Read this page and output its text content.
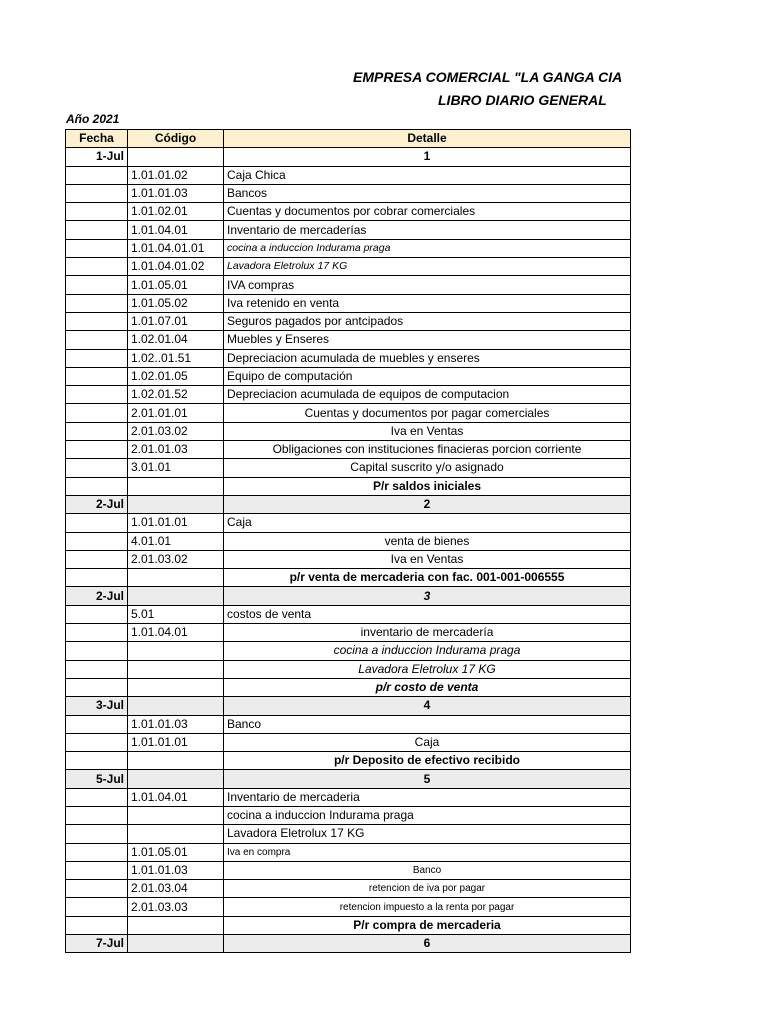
EMPRESA COMERCIAL "LA GANGA CIA
LIBRO DIARIO GENERAL
Año 2021
Fecha	Código	Detalle
1-Jul		1
	1.01.01.02	Caja Chica
	1.01.01.03	Bancos
	1.01.02.01	Cuentas y documentos por cobrar comerciales
	1.01.04.01	Inventario de mercaderías
	1.01.04.01.01	cocina a induccion Indurama praga
	1.01.04.01.02	Lavadora Eletrolux 17 KG
	1.01.05.01	IVA compras
	1.01.05.02	Iva retenido en venta
	1.01.07.01	Seguros pagados por antcipados
	1.02.01.04	Muebles y Enseres
	1.02..01.51	Depreciacion acumulada de muebles y enseres
	1.02.01.05	Equipo de computación
	1.02.01.52	Depreciacion acumulada de equipos de computacion
	2.01.01.01	Cuentas y documentos por pagar comerciales
	2.01.03.02	Iva en Ventas
	2.01.01.03	Obligaciones con instituciones finacieras porcion corriente
	3.01.01	Capital suscrito y/o asignado
		P/r saldos iniciales
2-Jul		2
	1.01.01.01	Caja
	4.01.01	venta de bienes
	2.01.03.02	Iva en Ventas
		p/r venta de mercaderia con fac. 001-001-006555
2-Jul		3
	5.01	costos de venta
	1.01.04.01	inventario de mercadería
		cocina a induccion Indurama praga
		Lavadora Eletrolux 17 KG
		p/r costo de venta
3-Jul		4
	1.01.01.03	Banco
	1.01.01.01	Caja
		p/r Deposito de efectivo recibido
5-Jul		5
	1.01.04.01	Inventario de mercaderia
		cocina a induccion Indurama praga
		Lavadora Eletrolux 17 KG
	1.01.05.01	Iva en compra
	1.01.01.03	Banco
	2.01.03.04	retencion de iva por pagar
	2.01.03.03	retencion impuesto a la renta por pagar
		P/r compra de mercaderia
7-Jul		6
